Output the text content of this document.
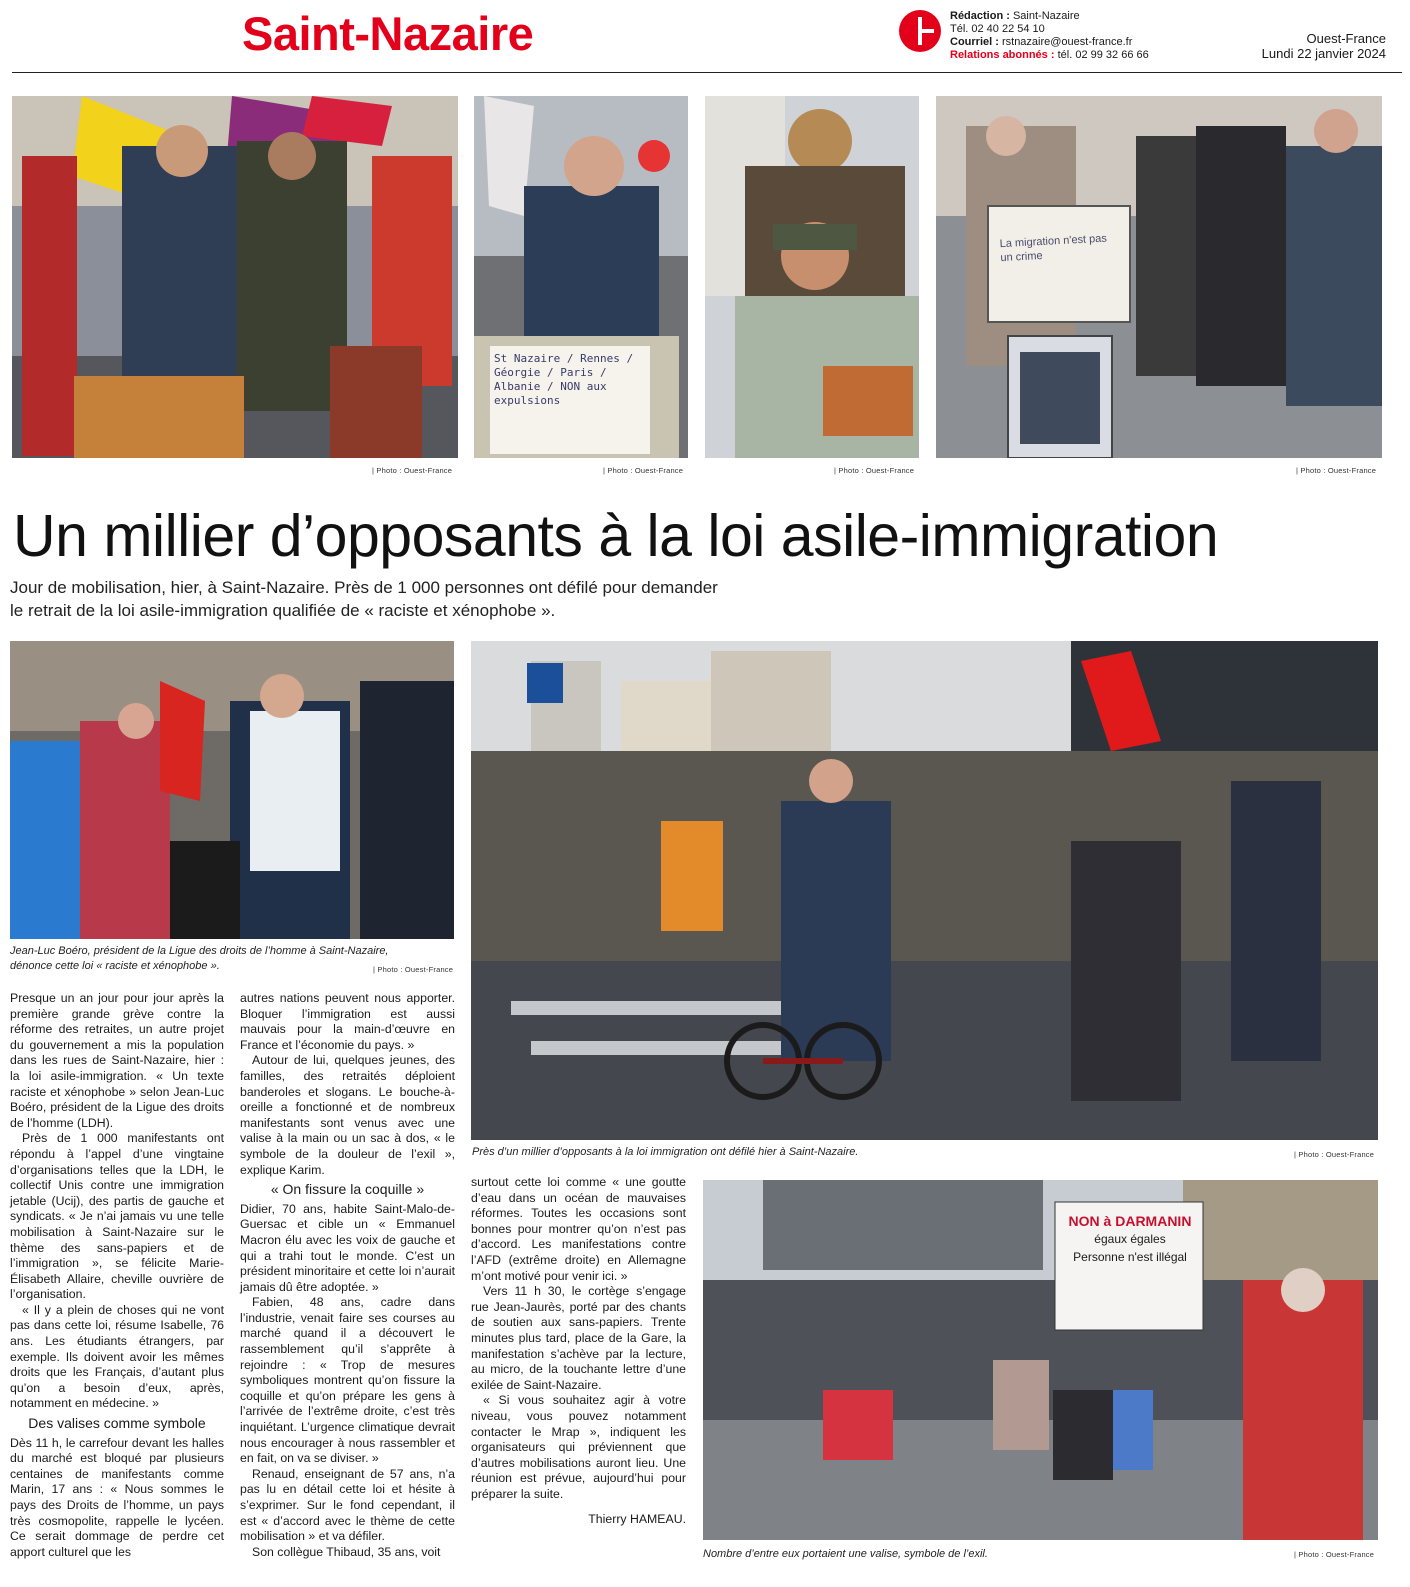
Saint-Nazaire	Rédaction : Saint-Nazaire
Tél. 02 40 22 54 10
Courriel : rstnazaire@ouest-france.fr
Relations abonnés : tél. 02 99 32 66 66
Ouest-France
Lundi 22 janvier 2024
| Photo : Ouest-France
St Nazaire / Rennes / Géorgie / Paris / Albanie / NON aux expulsions
| Photo : Ouest-France	| Photo : Ouest-France
La migration n'est pas un crime
| Photo : Ouest-France
Un millier d’opposants à la loi asile-immigration
Jour de mobilisation, hier, à Saint-Nazaire. Près de 1 000 personnes ont défilé pour demander
le retrait de la loi asile-immigration qualifiée de « raciste et xénophobe ».
Jean-Luc Boéro, président de la Ligue des droits de l’homme à Saint-Nazaire,
dénonce cette loi « raciste et xénophobe ».	| Photo : Ouest-France
Près d’un millier d’opposants à la loi immigration ont défilé hier à Saint-Nazaire.	| Photo : Ouest-France
NON à DARMANIN
égaux égales
Personne n'est illégal
Nombre d’entre eux portaient une valise, symbole de l’exil.	| Photo : Ouest-France

Presque un an jour pour jour après la première grande grève contre la réforme des retraites, un autre projet du gouvernement a mis la population dans les rues de Saint-Nazaire, hier : la loi asile-immigration. « Un texte raciste et xénophobe » selon Jean-Luc Boéro, président de la Ligue des droits de l’homme (LDH).

Près de 1 000 manifestants ont répondu à l’appel d’une vingtaine d’organisations telles que la LDH, le collectif Unis contre une immigration jetable (Ucij), des partis de gauche et syndicats. « Je n’ai jamais vu une telle mobilisation à Saint-Nazaire sur le thème des sans-papiers et de l’immigration », se félicite Marie-Élisabeth Allaire, cheville ouvrière de l’organisation.

« Il y a plein de choses qui ne vont pas dans cette loi, résume Isabelle, 76 ans. Les étudiants étrangers, par exemple. Ils doivent avoir les mêmes droits que les Français, d’autant plus qu’on a besoin d’eux, après, notamment en médecine. »

Des valises comme symbole

Dès 11 h, le carrefour devant les halles du marché est bloqué par plusieurs centaines de manifestants comme Marin, 17 ans : « Nous sommes le pays des Droits de l’homme, un pays très cosmopolite, rappelle le lycéen. Ce serait dommage de perdre cet apport culturel que les

autres nations peuvent nous apporter. Bloquer l’immigration est aussi mauvais pour la main-d’œuvre en France et l’économie du pays. »

Autour de lui, quelques jeunes, des familles, des retraités déploient banderoles et slogans. Le bouche-à-oreille a fonctionné et de nombreux manifestants sont venus avec une valise à la main ou un sac à dos, « le symbole de la douleur de l’exil », explique Karim.

« On fissure la coquille »

Didier, 70 ans, habite Saint-Malo-de-Guersac et cible un « Emmanuel Macron élu avec les voix de gauche et qui a trahi tout le monde. C’est un président minoritaire et cette loi n’aurait jamais dû être adoptée. »

Fabien, 48 ans, cadre dans l’industrie, venait faire ses courses au marché quand il a découvert le rassemblement qu’il s’apprête à rejoindre : « Trop de mesures symboliques montrent qu’on fissure la coquille et qu’on prépare les gens à l’arrivée de l’extrême droite, c’est très inquiétant. L’urgence climatique devrait nous encourager à nous rassembler et en fait, on va se diviser. »

Renaud, enseignant de 57 ans, n’a pas lu en détail cette loi et hésite à s’exprimer. Sur le fond cependant, il est « d’accord avec le thème de cette mobilisation » et va défiler.

Son collègue Thibaud, 35 ans, voit

surtout cette loi comme « une goutte d’eau dans un océan de mauvaises réformes. Toutes les occasions sont bonnes pour montrer qu’on n’est pas d’accord. Les manifestations contre l’AFD (extrême droite) en Allemagne m’ont motivé pour venir ici. »

Vers 11 h 30, le cortège s’engage rue Jean-Jaurès, porté par des chants de soutien aux sans-papiers. Trente minutes plus tard, place de la Gare, la manifestation s’achève par la lecture, au micro, de la touchante lettre d’une exilée de Saint-Nazaire.

« Si vous souhaitez agir à votre niveau, vous pouvez notamment contacter le Mrap », indiquent les organisateurs qui préviennent que d’autres mobilisations auront lieu. Une réunion est prévue, aujourd’hui pour préparer la suite.

Thierry HAMEAU.
